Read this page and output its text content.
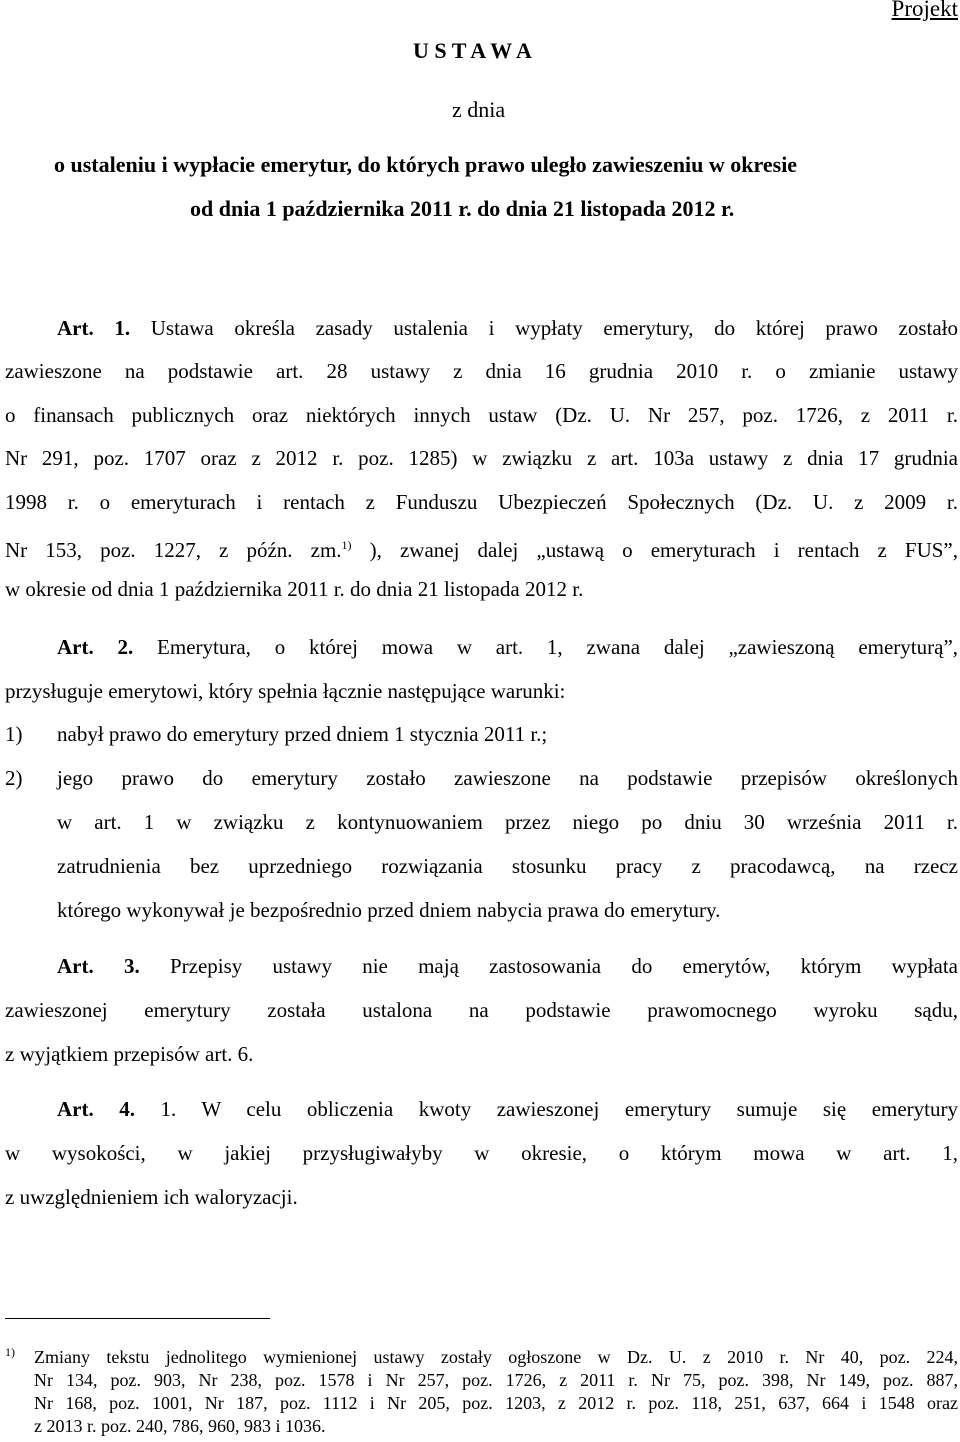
Projekt
U S T A W A
z dnia
o ustaleniu i wypłacie emerytur, do których prawo uległo zawieszeniu w okresie
od dnia 1 października 2011 r. do dnia 21 listopada 2012 r.
Art. 1. Ustawa określa zasady ustalenia i wypłaty emerytury, do której prawo zostało
zawieszone na podstawie art. 28 ustawy z dnia 16 grudnia 2010 r. o zmianie ustawy
o finansach publicznych oraz niektórych innych ustaw (Dz. U. Nr 257, poz. 1726, z 2011 r.
Nr 291, poz. 1707 oraz z 2012 r. poz. 1285) w związku z art. 103a ustawy z dnia 17 grudnia
1998 r. o emeryturach i rentach z Funduszu Ubezpieczeń Społecznych (Dz. U. z 2009 r.
Nr 153, poz. 1227, z późn. zm.$^{1)}$ ), zwanej dalej „ustawą o emeryturach i rentach z FUS”,
w okresie od dnia 1 października 2011 r. do dnia 21 listopada 2012 r.
Art. 2. Emerytura, o której mowa w art. 1, zwana dalej „zawieszoną emeryturą”,
przysługuje emerytowi, który spełnia łącznie następujące warunki:
1) nabył prawo do emerytury przed dniem 1 stycznia 2011 r.;
2) jego prawo do emerytury zostało zawieszone na podstawie przepisów określonych
w art. 1 w związku z kontynuowaniem przez niego po dniu 30 września 2011 r.
zatrudnienia bez uprzedniego rozwiązania stosunku pracy z pracodawcą, na rzecz
którego wykonywał je bezpośrednio przed dniem nabycia prawa do emerytury.
Art. 3. Przepisy ustawy nie mają zastosowania do emerytów, którym wypłata
zawieszonej emerytury została ustalona na podstawie prawomocnego wyroku sądu,
z wyjątkiem przepisów art. 6.
Art. 4. 1. W celu obliczenia kwoty zawieszonej emerytury sumuje się emerytury
w wysokości, w jakiej przysługiwałyby w okresie, o którym mowa w art. 1,
z uwzględnieniem ich waloryzacji.
1) Zmiany tekstu jednolitego wymienionej ustawy zostały ogłoszone w Dz. U. z 2010 r. Nr 40, poz. 224,
Nr 134, poz. 903, Nr 238, poz. 1578 i Nr 257, poz. 1726, z 2011 r. Nr 75, poz. 398, Nr 149, poz. 887,
Nr 168, poz. 1001, Nr 187, poz. 1112 i Nr 205, poz. 1203, z 2012 r. poz. 118, 251, 637, 664 i 1548 oraz
z 2013 r. poz. 240, 786, 960, 983 i 1036.
